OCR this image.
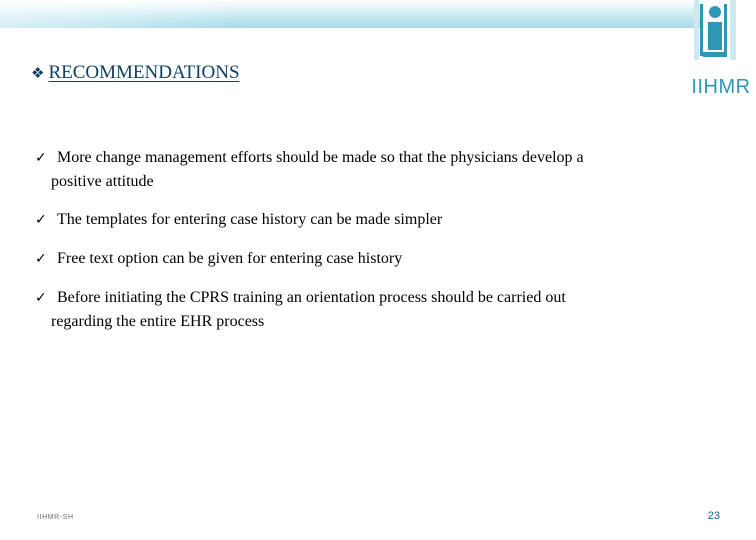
IIHMR
❖ RECOMMENDATIONS
✓ More change management efforts should be made so that the physicians develop a
positive attitude
✓ The templates for entering case history can be made simpler
✓ Free text option can be given for entering case history
✓ Before initiating the CPRS training an orientation process should be carried out
regarding the entire EHR process
IIHMR-SH	23
